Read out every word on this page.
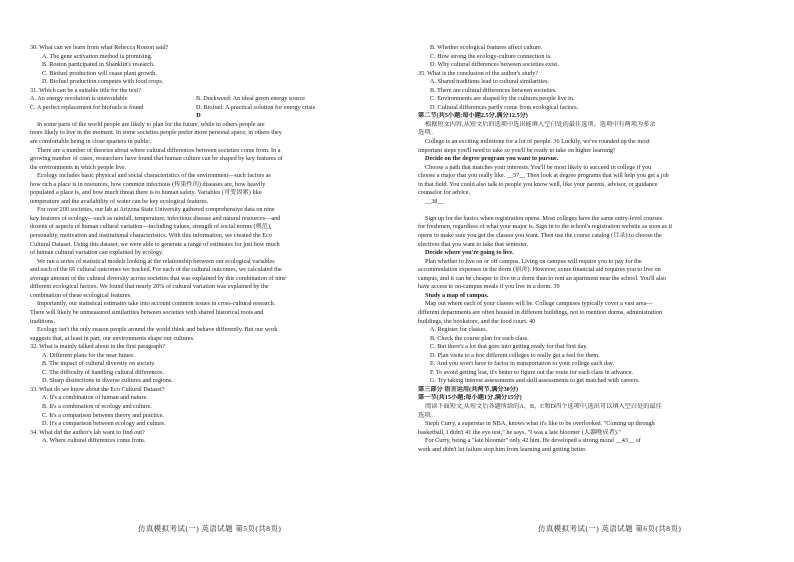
30. What can we learn from what Rebecca Roston said?
A. The gene activation method is promising.
B. Roston participated in Shanklin's research.
C. Biofuel production will cease plant growth.
D. Biofuel production competes with food crops.
31. Which can be a suitable title for the text?
A. An energy revolution is unavoidable	B. Duckweed: An ideal green energy source
C. A perfect replacement for biofuels is found	D. Biofuel: A practical solution for energy crisis
D
In some parts of the world people are likely to plan for the future, while in others people are
more likely to live in the moment. In some societies people prefer more personal space; in others they
are comfortable being in close quarters in public.
There are a number of theories about where cultural differences between societies come from. In a
growing number of cases, researchers have found that human culture can be shaped by key features of
the environments in which people live.
Ecology includes basic physical and social characteristics of the environment—such factors as
how rich a place is in resources, how common infectious (传染性的) diseases are, how heavily
populated a place is, and how much threat there is to human safety. Variables (可变因素) like
temperature and the availability of water can be key ecological features.
For over 200 societies, our lab at Arizona State University gathered comprehensive data on nine
key features of ecology—such as rainfall, temperature, infectious disease and natural resources—and
dozens of aspects of human cultural variation—including values, strength of social norms (规范),
personality, motivation and institutional characteristics. With this information, we created the Eco
Cultural Dataset. Using this dataset, we were able to generate a range of estimates for just how much
of human cultural variation can explained by ecology.
We ran a series of statistical models looking at the relationship between our ecological variables
and each of the 66 cultural outcomes we tracked. For each of the cultural outcomes, we calculated the
average amount of the cultural diversity across societies that was explained by this combination of nine
different ecological factors. We found that nearly 20% of cultural variation was explained by the
combination of these ecological features.
Importantly, our statistical estimates take into account common issues in cross-cultural research.
There will likely be unmeasured similarities between societies with shared historical roots and
traditions.
Ecology isn't the only reason people around the world think and behave differently. But our work
suggests that, at least in part, our environments shape our cultures.
32. What is mainly talked about in the first paragraph?
A. Different plans for the near future.
B. The impact of cultural diversity on society.
C. The difficulty of handling cultural differences.
D. Sharp distinctions in diverse cultures and regions.
33. What do we know about the Eco Cultural Dataset?
A. It's a combination of human and nature.
B. It's a combination of ecology and culture.
C. It's a comparison between theory and practice.
D. It's a comparison between ecology and culture.
34. What did the author's lab want to find out?
A. Where cultural differences come from.
B. Whether ecological features affect culture.
C. How strong the ecology-culture connection is.
D. Why cultural differences between societies exist.
35. What is the conclusion of the author's study?
A. Shared traditions lead to cultural similarities.
B. There are cultural differences between societies.
C. Environments are shaped by the cultures people live in.
D. Cultural differences partly come from ecological factors.
第二节(共5小题;每小题2.5分,满分12.5分)
根据短文内容,从短文后的选项中选出能填入空白处的最佳选项。选项中有两项为多余
选项。
College is an exciting milestone for a lot of people. 36 Luckily, we've rounded up the most
important steps you'll need to take so you'll be ready to take on higher learning!
Decide on the degree program you want to pursue.
Choose a path that matches your interests. You'll be most likely to succeed in college if you
choose a major that you really like. __37__ Then look at degree programs that will help you get a job
in that field. You could also talk to people you know well, like your parents, advisor, or guidance
counselor for advice.
__38__

Sign up for the basics when registration opens. Most colleges have the same entry-level courses
for freshmen, regardless of what your major is. Sign in to the school's registration website as soon as it
opens to make sure you get the classes you want. Then use the course catalog (目录) to choose the
electives that you want to take that semester.
Decide where you're going to live.
Plan whether to live on or off campus. Living on campus will require you to pay for the
accommodation expenses in the dorm (宿舍). However, some financial aid requires you to live on
campus, and it can be cheaper to live in a dorm than to rent an apartment near the school. You'll also
have access to on-campus meals if you live in a dorm. 39
Study a map of campus.
Map out where each of your classes will be. College campuses typically cover a vast area—
different departments are often housed in different buildings, not to mention dorms, administration
buildings, the bookstore, and the food court. 40
A. Register for classes.
B. Check the course plan for each class.
C. But there's a lot that goes into getting ready for that first day.
D. Plan visits to a few different colleges to really get a feel for them.
E. And you won't have to factor in transportation to your college each day.
F. To avoid getting lost, it's better to figure out the route for each class in advance.
G. Try taking interest assessments and skill assessments to get matched with careers.
第三部分 语言运用(共两节,满分30分)
第一节(共15小题;每小题1分,满分15分)
阅读下面短文,从短文后各题所给的A、B、C和D四个选项中,选出可以填入空白处的最佳
选项。
Steph Curry, a superstar in NBA, knows what it's like to be overlooked. "Coming up through
basketball, I didn't 41 the eye test," he says. "I was a late bloomer (大器晚成者)."
For Curry, being a "late bloomer" only 42 him. He developed a strong moral __43__ of
work and didn't let failure stop him from learning and getting better.
仿真模拟考试(一) 英语试题 第5页(共8页)	仿真模拟考试(一) 英语试题 第6页(共8页)
